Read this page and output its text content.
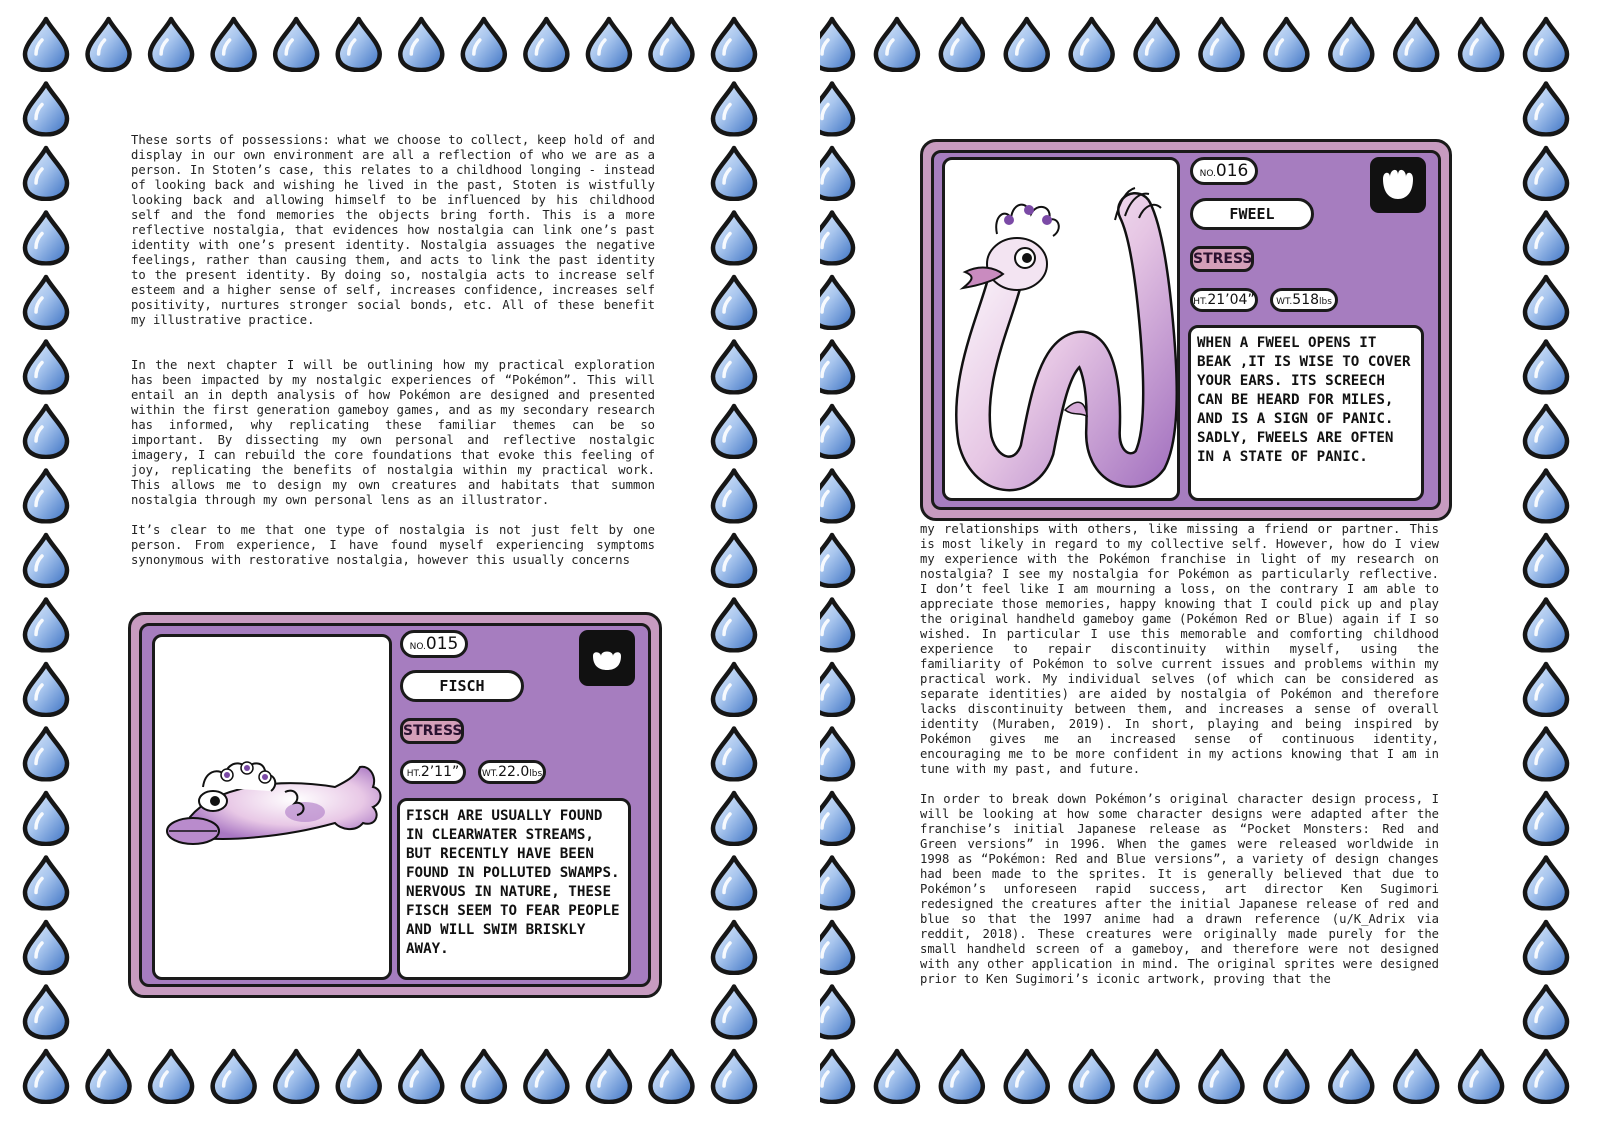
These sorts of possessions: what we choose to collect, keep hold of and display in our own environment are all a reflection of who we are as a person. In Stoten’s case, this relates to a childhood longing - instead of looking back and wishing he lived in the past, Stoten is wistfully looking back and allowing himself to be influenced by his childhood self and the fond memories the objects bring forth. This is a more reflective nostalgia, that evidences how nostalgia can link one’s past identity with one’s present identity. Nostalgia assuages the negative feelings, rather than causing them, and acts to link the past identity to the present identity. By doing so, nostalgia acts to increase self esteem and a higher sense of self, increases confidence, increases self positivity, nurtures stronger social bonds, etc. All of these benefit my illustrative practice.

In the next chapter I will be outlining how my practical exploration has been impacted by my nostalgic experiences of “Pokémon”. This will entail an in depth analysis of how Pokémon are designed and presented within the first generation gameboy games, and as my secondary research has informed, why replicating these familiar themes can be so important. By dissecting my own personal and reflective nostalgic imagery, I can rebuild the core foundations that evoke this feeling of joy, replicating the benefits of nostalgia within my practical work. This allows me to design my own creatures and habitats that summon nostalgia through my own personal lens as an illustrator.

It’s clear to me that one type of nostalgia is not just felt by one person. From experience, I have found myself experiencing symptoms synonymous with restorative nostalgia, however this usually concerns

NO.015
FISCH
STRESS
HT.2’11”	WT.22.0lbs
FISCH ARE USUALLY FOUND IN CLEARWATER STREAMS, BUT RECENTLY HAVE BEEN FOUND IN POLLUTED SWAMPS. NERVOUS IN NATURE, THESE FISCH SEEM TO FEAR PEOPLE AND WILL SWIM BRISKLY AWAY.
NO.016
FWEEL
STRESS
HT.21’04”	WT.518lbs
WHEN A FWEEL OPENS IT BEAK ,IT IS WISE TO COVER YOUR EARS. ITS SCREECH CAN BE HEARD FOR MILES, AND IS A SIGN OF PANIC. SADLY, FWEELS ARE OFTEN IN A STATE OF PANIC.

my relationships with others, like missing a friend or partner. This is most likely in regard to my collective self. However, how do I view my experience with the Pokémon franchise in light of my research on nostalgia? I see my nostalgia for Pokémon as particularly reflective. I don’t feel like I am mourning a loss, on the contrary I am able to appreciate those memories, happy knowing that I could pick up and play the original handheld gameboy game (Pokémon Red or Blue) again if I so wished. In particular I use this memorable and comforting childhood experience to repair discontinuity within myself, using the familiarity of Pokémon to solve current issues and problems within my practical work. My individual selves (of which can be considered as separate identities) are aided by nostalgia of Pokémon and therefore lacks discontinuity between them, and increases a sense of overall identity (Muraben, 2019). In short, playing and being inspired by Pokémon gives me an increased sense of continuous identity, encouraging me to be more confident in my actions knowing that I am in tune with my past, and future.

In order to break down Pokémon’s original character design process, I will be looking at how some character designs were adapted after the franchise’s initial Japanese release as “Pocket Monsters: Red and Green versions” in 1996. When the games were released worldwide in 1998 as “Pokémon: Red and Blue versions”, a variety of design changes had been made to the sprites. It is generally believed that due to Pokémon’s unforeseen rapid success, art director Ken Sugimori redesigned the creatures after the initial Japanese release of red and blue so that the 1997 anime had a drawn reference (u/K_Adrix via reddit, 2018). These creatures were originally made purely for the small handheld screen of a gameboy, and therefore were not designed with any other application in mind. The original sprites were designed prior to Ken Sugimori’s iconic artwork, proving that the
